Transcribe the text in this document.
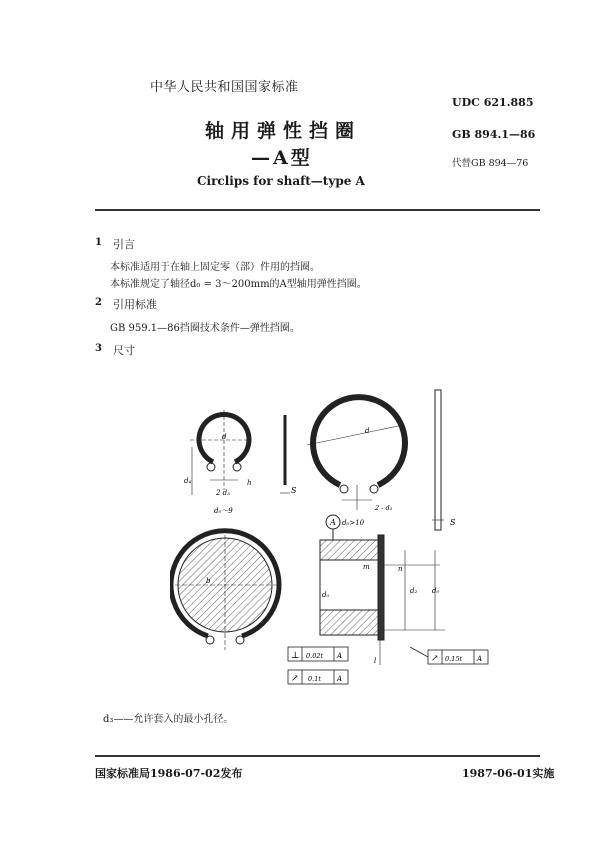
中华人民共和国国家标准
UDC 621.885
轴用弹性挡圈	GB 894.1—86
—A型	代替GB 894—76
Circlips for shaft—type A
1 引言
本标准适用于在轴上固定零（部）件用的挡圈。
本标准规定了轴径d₀ = 3～200mm的A型轴用弹性挡圈。
2 引用标准
GB 959.1—86挡圈技术条件—弹性挡圈。
3 尺寸
d
d₄
2 d₃
h
S
d₀～9
d
2 - d₃
S
b
A d₀>10
d₀
m	n
d₂ d₀
l
⊥ 0.02t A
↗ 0.1t A
↗ 0.15t A
d₃——允许套入的最小孔径。
国家标准局1986-07-02发布	1987-06-01实施
